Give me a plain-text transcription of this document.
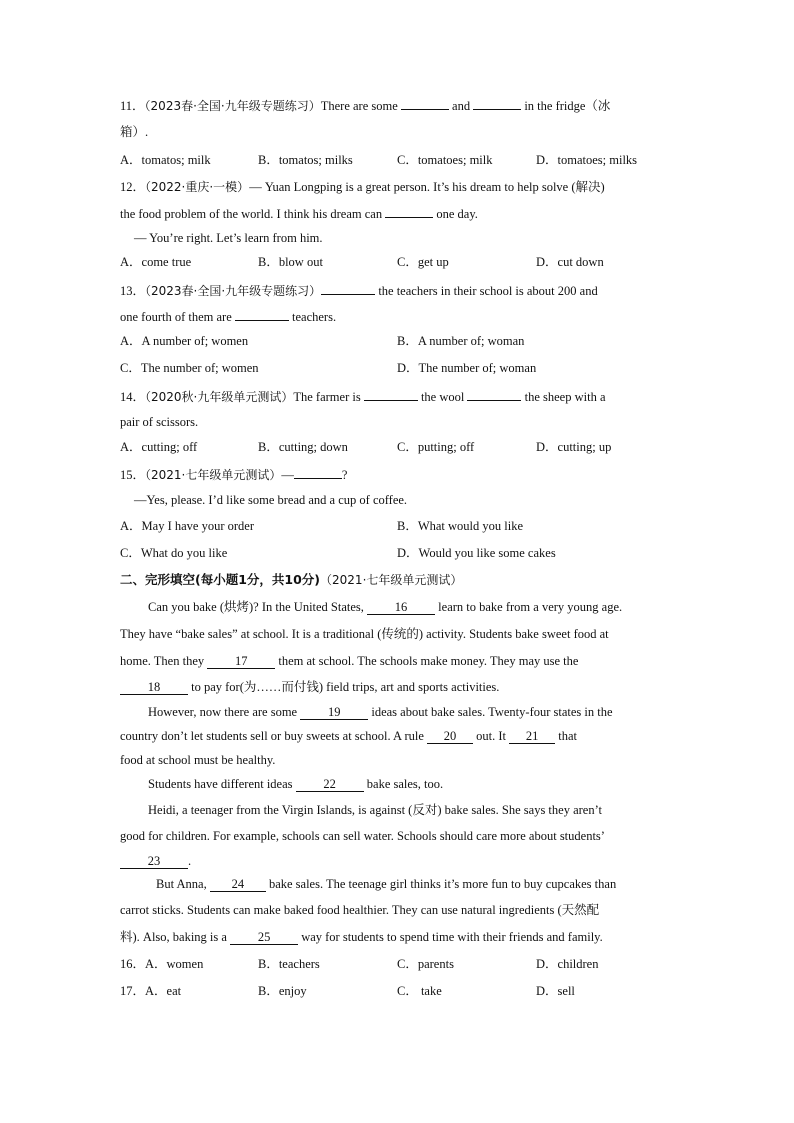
11．（2023春·全国·九年级专题练习）There are some	and	in the fridge（冰
箱）.
A．tomatos; milk	B．tomatos; milks	C．tomatoes; milk	D．tomatoes; milks
12．（2022·重庆·一模）— Yuan Longping is a great person. It’s his dream to help solve (解决)
the food problem of the world. I think his dream can	one day.
— You’re right. Let’s learn from him.
A．come true	B．blow out	C．get up	D．cut down
13．（2023春·全国·九年级专题练习）	the teachers in their school is about 200 and
one fourth of them are	teachers.
A．A number of; women	B．A number of; woman
C．The number of; women	D．The number of; woman
14．（2020秋·九年级单元测试）The farmer is	the wool	the sheep with a
pair of scissors.
A．cutting; off	B．cutting; down	C．putting; off	D．cutting; up
15．（2021·七年级单元测试）—	?
—Yes, please. I’d like some bread and a cup of coffee.
A．May I have your order	B．What would you like
C．What do you like	D．Would you like some cakes
二、完形填空(每小题1分，共10分)（2021·七年级单元测试）
Can you bake (烘烤)? In the United States, 16 learn to bake from a very young age.
They have “bake sales” at school. It is a traditional (传统的) activity. Students bake sweet food at
home. Then they 17 them at school. The schools make money. They may use the
18 to pay for(为……而付钱) field trips, art and sports activities.
However, now there are some 19 ideas about bake sales. Twenty-four states in the
country don’t let students sell or buy sweets at school. A rule 20 out. It 21 that
food at school must be healthy.
Students have different ideas 22 bake sales, too.
Heidi, a teenager from the Virgin Islands, is against (反对) bake sales. She says they aren’t
good for children. For example, schools can sell water. Schools should care more about students’
23 .
But Anna, 24 bake sales. The teenage girl thinks it’s more fun to buy cupcakes than
carrot sticks. Students can make baked food healthier. They can use natural ingredients (天然配
料). Also, baking is a 25 way for students to spend time with their friends and family.
16．A．women	B．teachers	C．parents	D．children
17．A．eat	B．enjoy	C． take	D．sell
